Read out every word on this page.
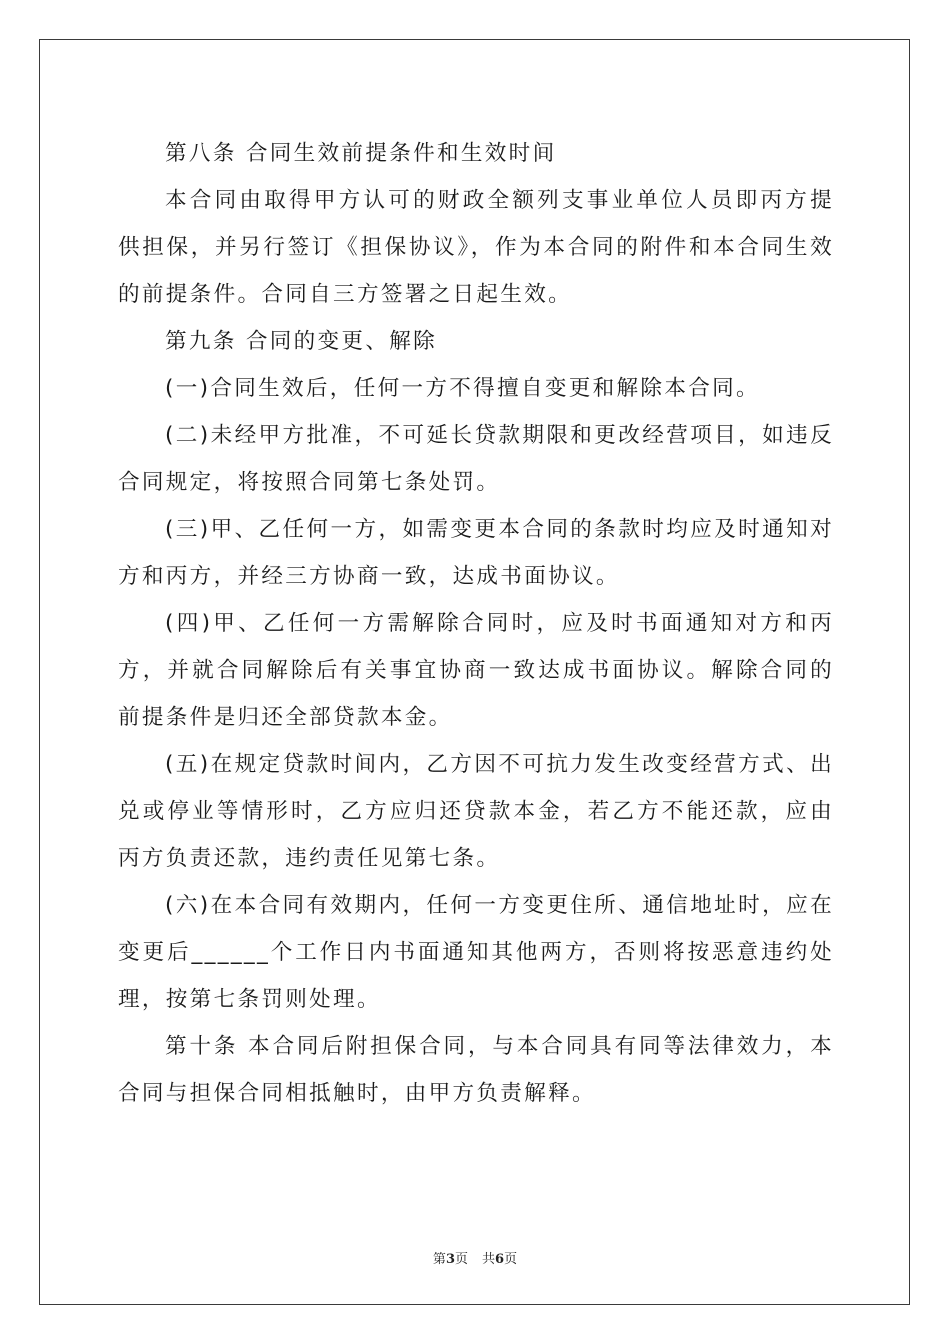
第八条 合同生效前提条件和生效时间

本合同由取得甲方认可的财政全额列支事业单位人员即丙方提供担保，并另行签订《担保协议》，作为本合同的附件和本合同生效的前提条件。合同自三方签署之日起生效。

第九条 合同的变更、解除

(一)合同生效后，任何一方不得擅自变更和解除本合同。

(二)未经甲方批准，不可延长贷款期限和更改经营项目，如违反合同规定，将按照合同第七条处罚。

(三)甲、乙任何一方，如需变更本合同的条款时均应及时通知对方和丙方，并经三方协商一致，达成书面协议。

(四)甲、乙任何一方需解除合同时，应及时书面通知对方和丙方，并就合同解除后有关事宜协商一致达成书面协议。解除合同的前提条件是归还全部贷款本金。

(五)在规定贷款时间内，乙方因不可抗力发生改变经营方式、出兑或停业等情形时，乙方应归还贷款本金，若乙方不能还款，应由丙方负责还款，违约责任见第七条。

(六)在本合同有效期内，任何一方变更住所、通信地址时，应在变更后______个工作日内书面通知其他两方，否则将按恶意违约处理，按第七条罚则处理。

第十条 本合同后附担保合同，与本合同具有同等法律效力，本合同与担保合同相抵触时，由甲方负责解释。

第3页 共6页
